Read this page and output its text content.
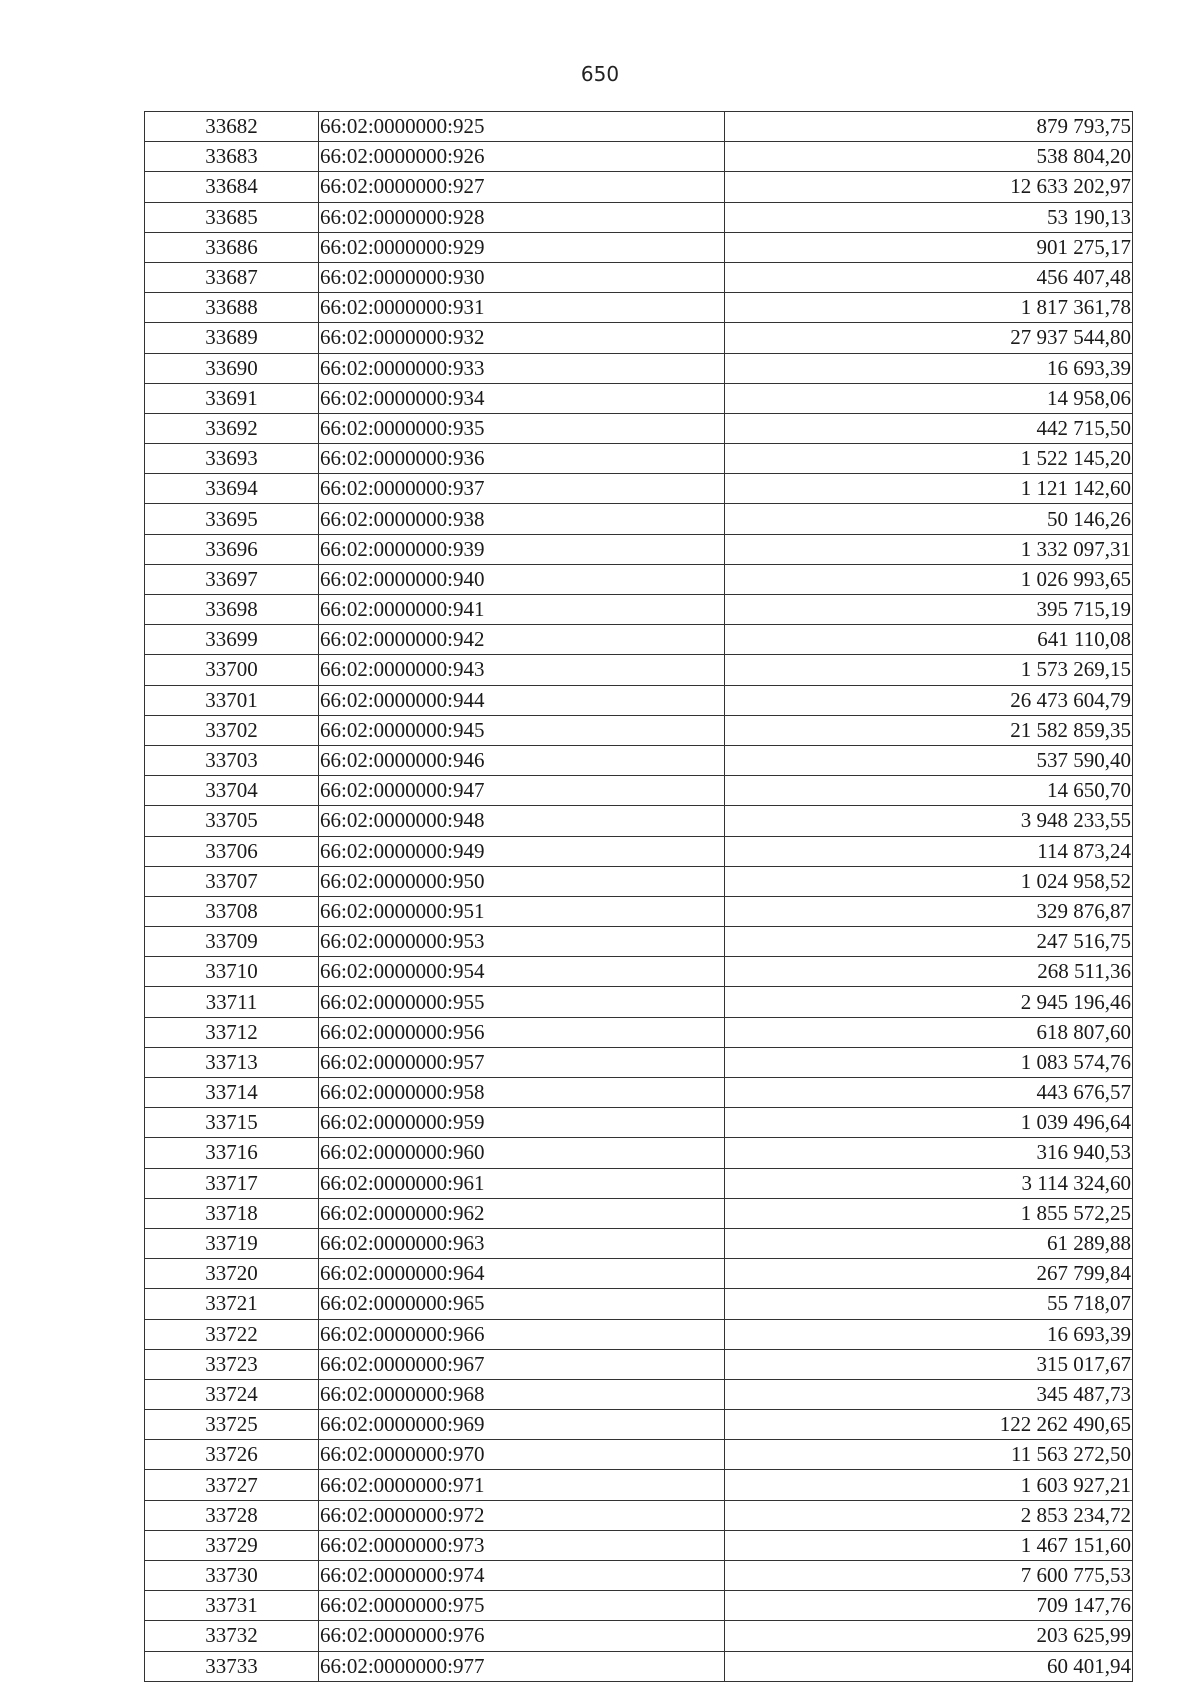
650
33682	66:02:0000000:925	879 793,75
33683	66:02:0000000:926	538 804,20
33684	66:02:0000000:927	12 633 202,97
33685	66:02:0000000:928	53 190,13
33686	66:02:0000000:929	901 275,17
33687	66:02:0000000:930	456 407,48
33688	66:02:0000000:931	1 817 361,78
33689	66:02:0000000:932	27 937 544,80
33690	66:02:0000000:933	16 693,39
33691	66:02:0000000:934	14 958,06
33692	66:02:0000000:935	442 715,50
33693	66:02:0000000:936	1 522 145,20
33694	66:02:0000000:937	1 121 142,60
33695	66:02:0000000:938	50 146,26
33696	66:02:0000000:939	1 332 097,31
33697	66:02:0000000:940	1 026 993,65
33698	66:02:0000000:941	395 715,19
33699	66:02:0000000:942	641 110,08
33700	66:02:0000000:943	1 573 269,15
33701	66:02:0000000:944	26 473 604,79
33702	66:02:0000000:945	21 582 859,35
33703	66:02:0000000:946	537 590,40
33704	66:02:0000000:947	14 650,70
33705	66:02:0000000:948	3 948 233,55
33706	66:02:0000000:949	114 873,24
33707	66:02:0000000:950	1 024 958,52
33708	66:02:0000000:951	329 876,87
33709	66:02:0000000:953	247 516,75
33710	66:02:0000000:954	268 511,36
33711	66:02:0000000:955	2 945 196,46
33712	66:02:0000000:956	618 807,60
33713	66:02:0000000:957	1 083 574,76
33714	66:02:0000000:958	443 676,57
33715	66:02:0000000:959	1 039 496,64
33716	66:02:0000000:960	316 940,53
33717	66:02:0000000:961	3 114 324,60
33718	66:02:0000000:962	1 855 572,25
33719	66:02:0000000:963	61 289,88
33720	66:02:0000000:964	267 799,84
33721	66:02:0000000:965	55 718,07
33722	66:02:0000000:966	16 693,39
33723	66:02:0000000:967	315 017,67
33724	66:02:0000000:968	345 487,73
33725	66:02:0000000:969	122 262 490,65
33726	66:02:0000000:970	11 563 272,50
33727	66:02:0000000:971	1 603 927,21
33728	66:02:0000000:972	2 853 234,72
33729	66:02:0000000:973	1 467 151,60
33730	66:02:0000000:974	7 600 775,53
33731	66:02:0000000:975	709 147,76
33732	66:02:0000000:976	203 625,99
33733	66:02:0000000:977	60 401,94
